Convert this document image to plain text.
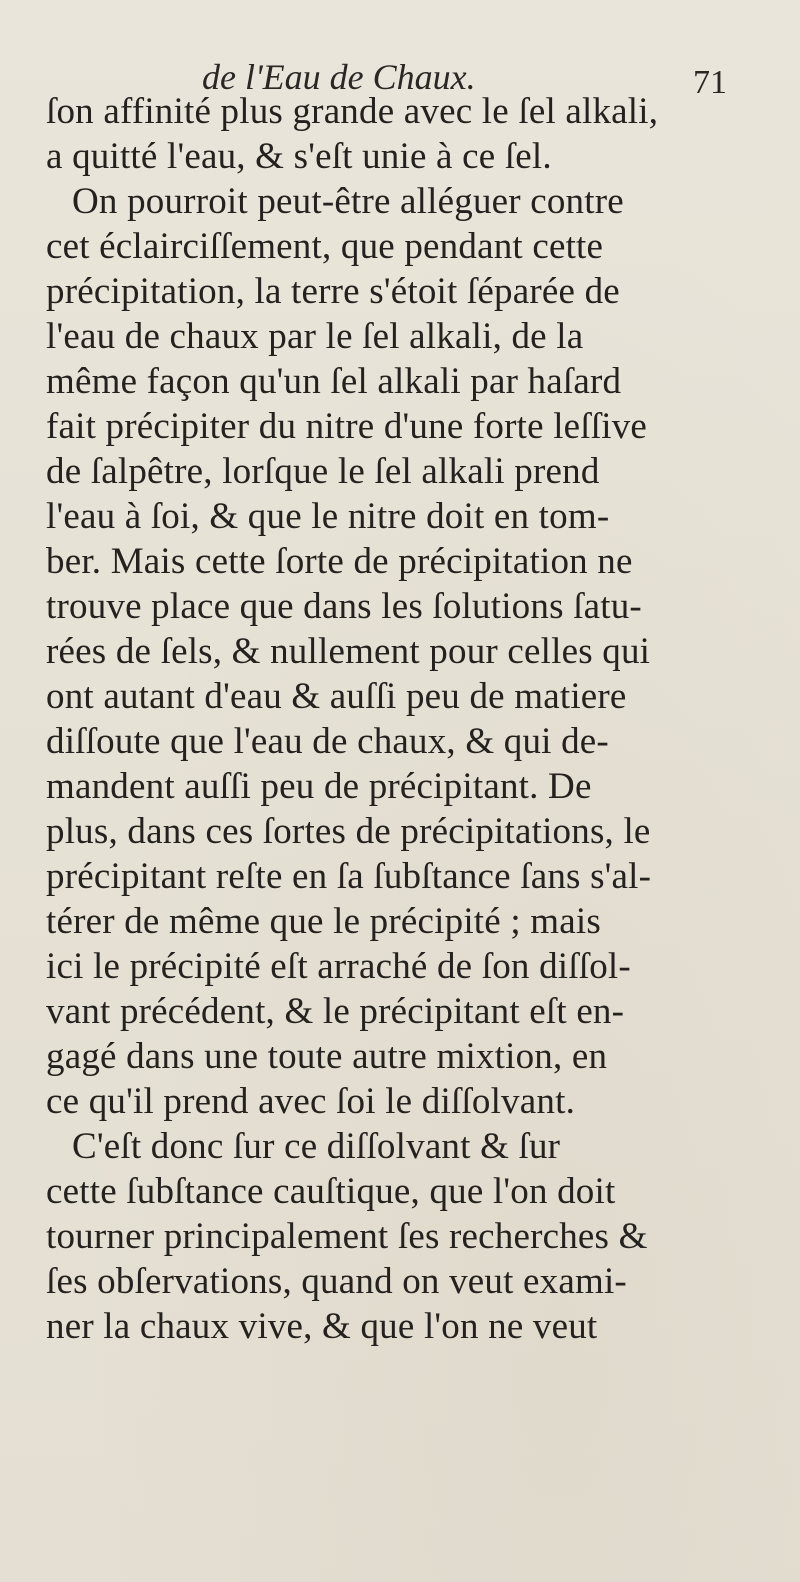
de l'Eau de Chaux.	71
ſon affinité plus grande avec le ſel alkali,
a quitté l'eau, & s'eſt unie à ce ſel.
On pourroit peut-être alléguer contre
cet éclairciſſement, que pendant cette
précipitation, la terre s'étoit ſéparée de
l'eau de chaux par le ſel alkali, de la
même façon qu'un ſel alkali par haſard
fait précipiter du nitre d'une forte leſſive
de ſalpêtre, lorſque le ſel alkali prend
l'eau à ſoi, & que le nitre doit en tom-
ber. Mais cette ſorte de précipitation ne
trouve place que dans les ſolutions ſatu-
rées de ſels, & nullement pour celles qui
ont autant d'eau & auſſi peu de matiere
diſſoute que l'eau de chaux, & qui de-
mandent auſſi peu de précipitant. De
plus, dans ces ſortes de précipitations, le
précipitant reſte en ſa ſubſtance ſans s'al-
térer de même que le précipité ; mais
ici le précipité eſt arraché de ſon diſſol-
vant précédent, & le précipitant eſt en-
gagé dans une toute autre mixtion, en
ce qu'il prend avec ſoi le diſſolvant.
C'eſt donc ſur ce diſſolvant & ſur
cette ſubſtance cauſtique, que l'on doit
tourner principalement ſes recherches &
ſes obſervations, quand on veut exami-
ner la chaux vive, & que l'on ne veut
